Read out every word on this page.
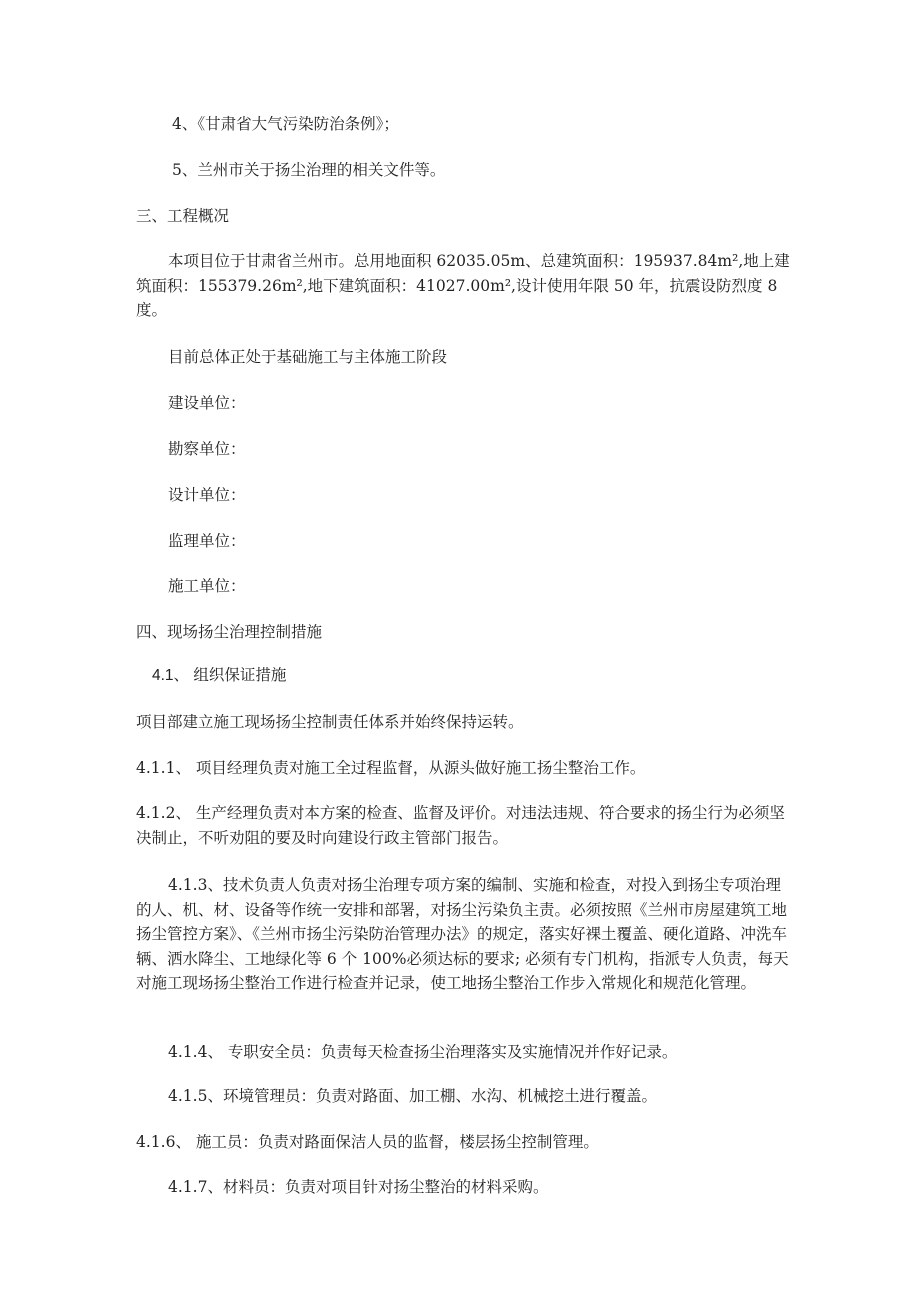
4、《甘肃省大气污染防治条例》；
5、兰州市关于扬尘治理的相关文件等。
三、工程概况
本项目位于甘肃省兰州市。总用地面积 62035.05m、总建筑面积：195937.84m²,地上建筑面积：155379.26m²,地下建筑面积：41027.00m²,设计使用年限 50 年，抗震设防烈度 8 度。
目前总体正处于基础施工与主体施工阶段
建设单位：
勘察单位：
设计单位：
监理单位：
施工单位：
四、现场扬尘治理控制措施
4.1、 组织保证措施
项目部建立施工现场扬尘控制责任体系并始终保持运转。
4.1.1、 项目经理负责对施工全过程监督，从源头做好施工扬尘整治工作。
4.1.2、 生产经理负责对本方案的检查、监督及评价。对违法违规、符合要求的扬尘行为必须坚决制止，不听劝阻的要及时向建设行政主管部门报告。
4.1.3、技术负责人负责对扬尘治理专项方案的编制、实施和检查，对投入到扬尘专项治理的人、机、材、设备等作统一安排和部署，对扬尘污染负主责。必须按照《兰州市房屋建筑工地扬尘管控方案》、《兰州市扬尘污染防治管理办法》的规定，落实好裸土覆盖、硬化道路、冲洗车辆、洒水降尘、工地绿化等 6 个 100%必须达标的要求; 必须有专门机构，指派专人负责，每天对施工现场扬尘整治工作进行检查并记录，使工地扬尘整治工作步入常规化和规范化管理。
4.1.4、 专职安全员：负责每天检查扬尘治理落实及实施情况并作好记录。
4.1.5、环境管理员：负责对路面、加工棚、水沟、机械挖土进行覆盖。
4.1.6、 施工员：负责对路面保洁人员的监督，楼层扬尘控制管理。
4.1.7、材料员：负责对项目针对扬尘整治的材料采购。
